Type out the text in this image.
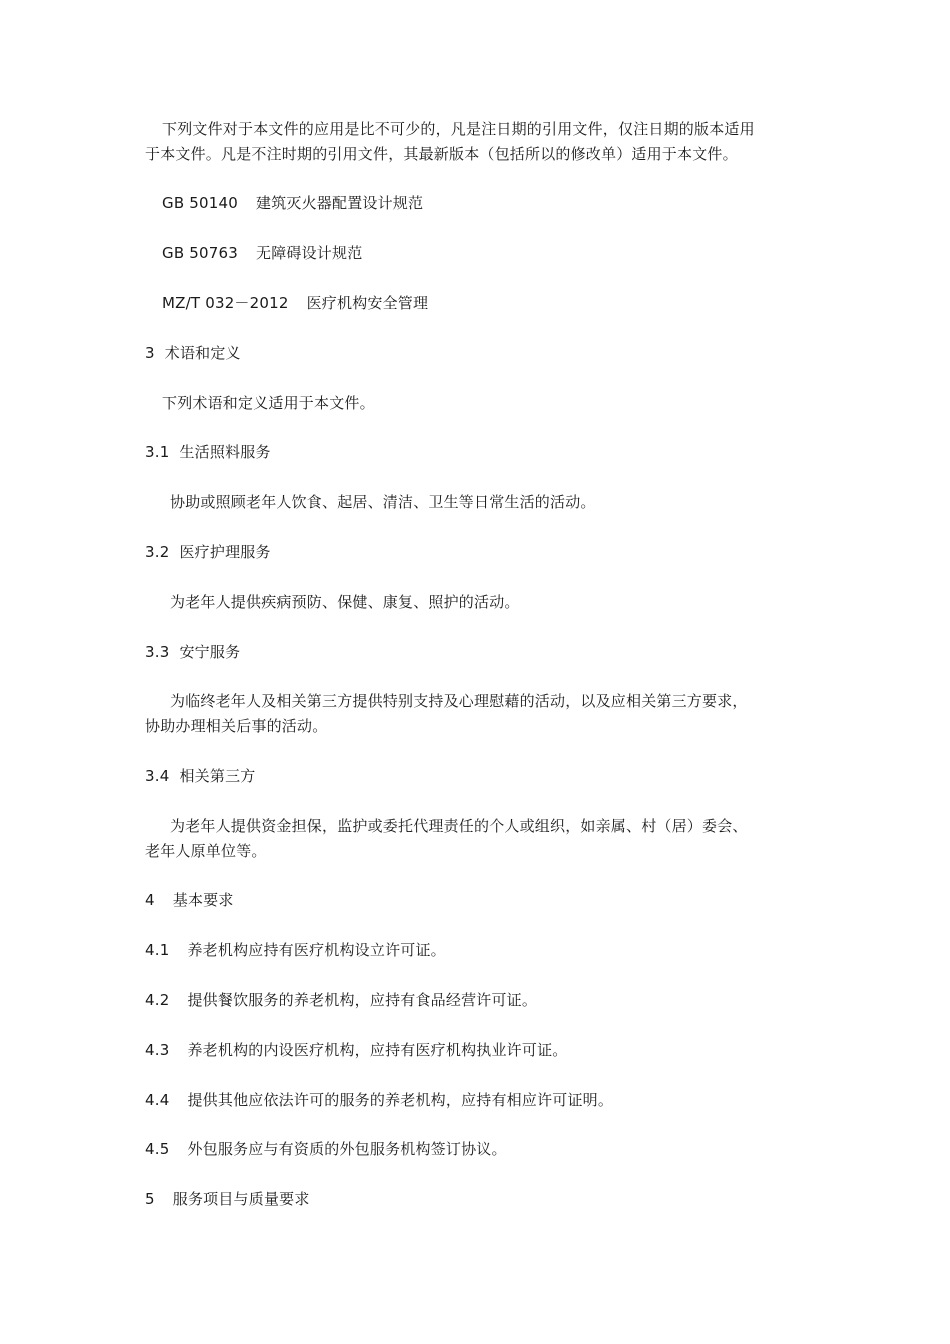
下列文件对于本文件的应用是比不可少的，凡是注日期的引用文件，仅注日期的版本适用
于本文件。凡是不注时期的引用文件，其最新版本（包括所以的修改单）适用于本文件。
GB 50140 建筑灭火器配置设计规范
GB 50763 无障碍设计规范
MZ/T 032－2012 医疗机构安全管理
3 术语和定义
下列术语和定义适用于本文件。
3.1 生活照料服务
协助或照顾老年人饮食、起居、清洁、卫生等日常生活的活动。
3.2 医疗护理服务
为老年人提供疾病预防、保健、康复、照护的活动。
3.3 安宁服务
为临终老年人及相关第三方提供特别支持及心理慰藉的活动，以及应相关第三方要求，
协助办理相关后事的活动。
3.4 相关第三方
为老年人提供资金担保，监护或委托代理责任的个人或组织，如亲属、村（居）委会、
老年人原单位等。
4 基本要求
4.1 养老机构应持有医疗机构设立许可证。
4.2 提供餐饮服务的养老机构，应持有食品经营许可证。
4.3 养老机构的内设医疗机构，应持有医疗机构执业许可证。
4.4 提供其他应依法许可的服务的养老机构，应持有相应许可证明。
4.5 外包服务应与有资质的外包服务机构签订协议。
5 服务项目与质量要求
